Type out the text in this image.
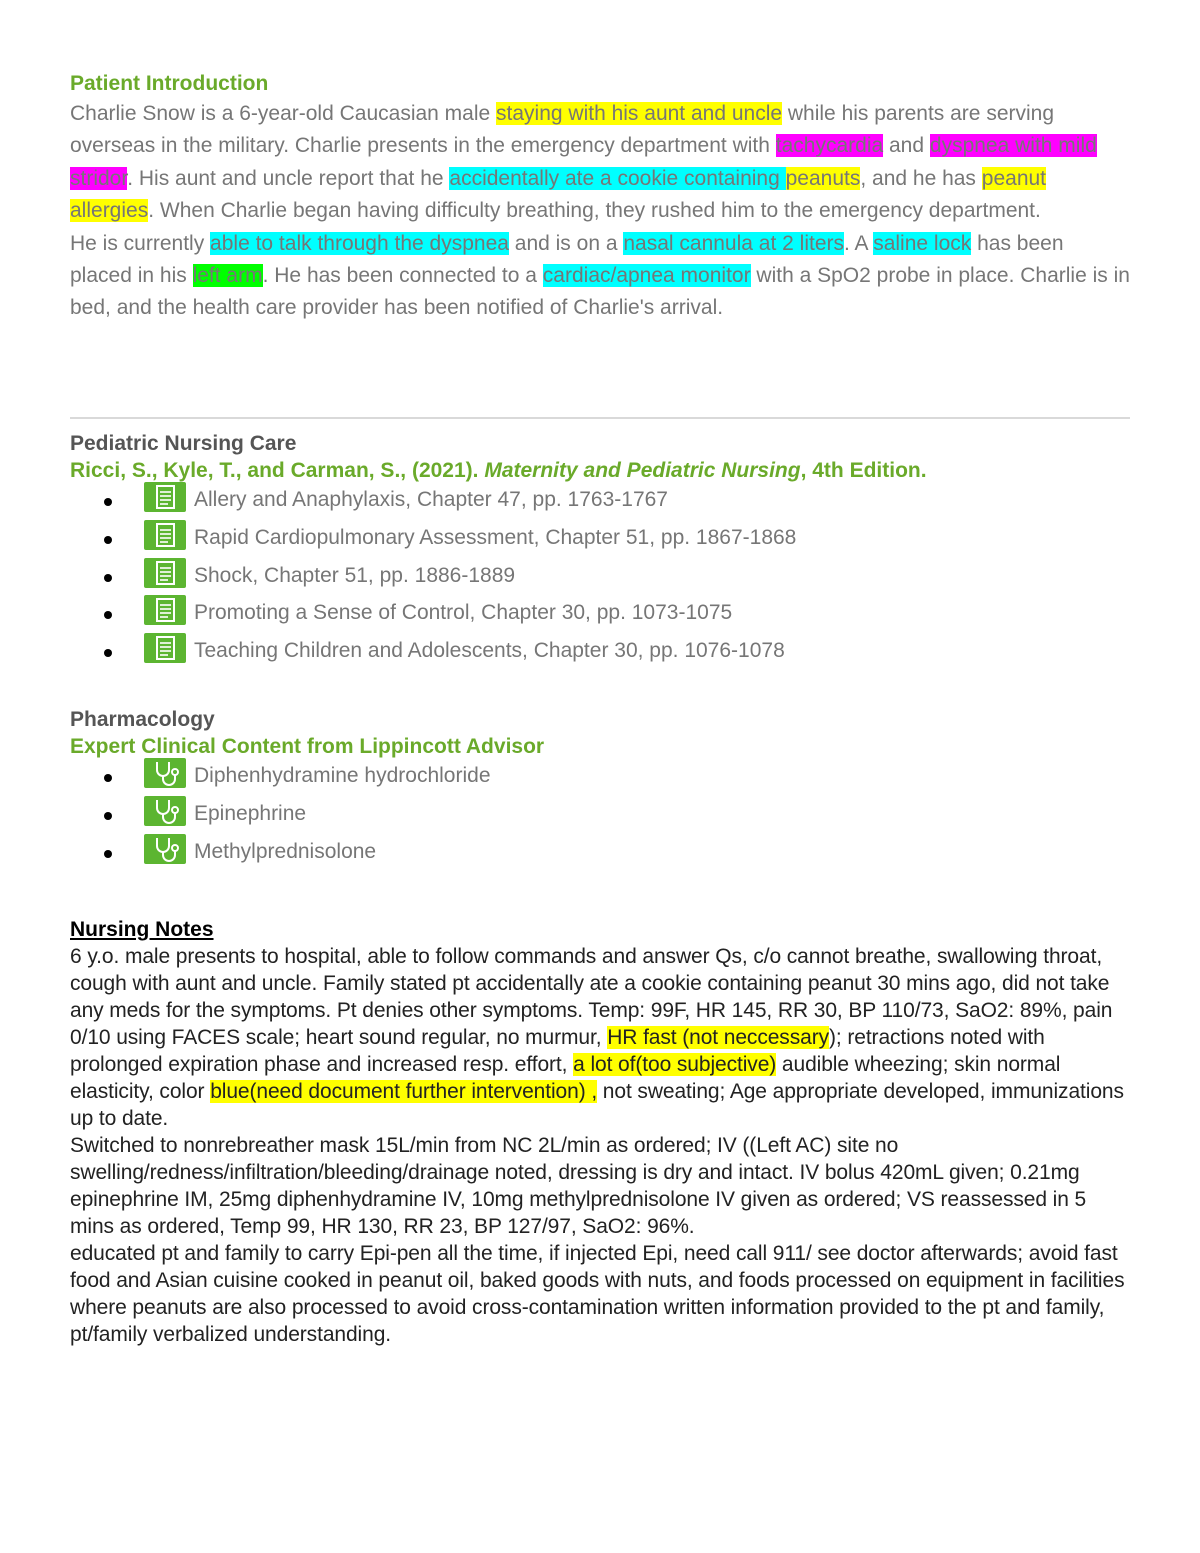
Patient Introduction

Charlie Snow is a 6-year-old Caucasian male staying with his aunt and uncle while his parents are serving overseas in the military. Charlie presents in the emergency department with tachycardia and dyspnea with mild stridor. His aunt and uncle report that he accidentally ate a cookie containing peanuts, and he has peanut allergies. When Charlie began having difficulty breathing, they rushed him to the emergency department.

He is currently able to talk through the dyspnea and is on a nasal cannula at 2 liters. A saline lock has been placed in his left arm. He has been connected to a cardiac/apnea monitor with a SpO2 probe in place. Charlie is in bed, and the health care provider has been notified of Charlie's arrival.

Pediatric Nursing Care
Ricci, S., Kyle, T., and Carman, S., (2021). Maternity and Pediatric Nursing, 4th Edition.
Allery and Anaphylaxis, Chapter 47, pp. 1763-1767
Rapid Cardiopulmonary Assessment, Chapter 51, pp. 1867-1868
Shock, Chapter 51, pp. 1886-1889
Promoting a Sense of Control, Chapter 30, pp. 1073-1075
Teaching Children and Adolescents, Chapter 30, pp. 1076-1078
Pharmacology
Expert Clinical Content from Lippincott Advisor
Diphenhydramine hydrochloride
Epinephrine
Methylprednisolone
Nursing Notes

6 y.o. male presents to hospital, able to follow commands and answer Qs, c/o cannot breathe, swallowing throat, cough with aunt and uncle. Family stated pt accidentally ate a cookie containing peanut 30 mins ago, did not take any meds for the symptoms. Pt denies other symptoms. Temp: 99F, HR 145, RR 30, BP 110/73, SaO2: 89%, pain 0/10 using FACES scale; heart sound regular, no murmur, HR fast (not neccessary); retractions noted with prolonged expiration phase and increased resp. effort, a lot of(too subjective) audible wheezing; skin normal elasticity, color blue(need document further intervention) , not sweating; Age appropriate developed, immunizations up to date.

Switched to nonrebreather mask 15L/min from NC 2L/min as ordered; IV ((Left AC) site no swelling/redness/infiltration/bleeding/drainage noted, dressing is dry and intact. IV bolus 420mL given; 0.21mg epinephrine IM, 25mg diphenhydramine IV, 10mg methylprednisolone IV given as ordered; VS reassessed in 5 mins as ordered, Temp 99, HR 130, RR 23, BP 127/97, SaO2: 96%.

educated pt and family to carry Epi-pen all the time, if injected Epi, need call 911/ see doctor afterwards; avoid fast food and Asian cuisine cooked in peanut oil, baked goods with nuts, and foods processed on equipment in facilities where peanuts are also processed to avoid cross-contamination written information provided to the pt and family, pt/family verbalized understanding.
